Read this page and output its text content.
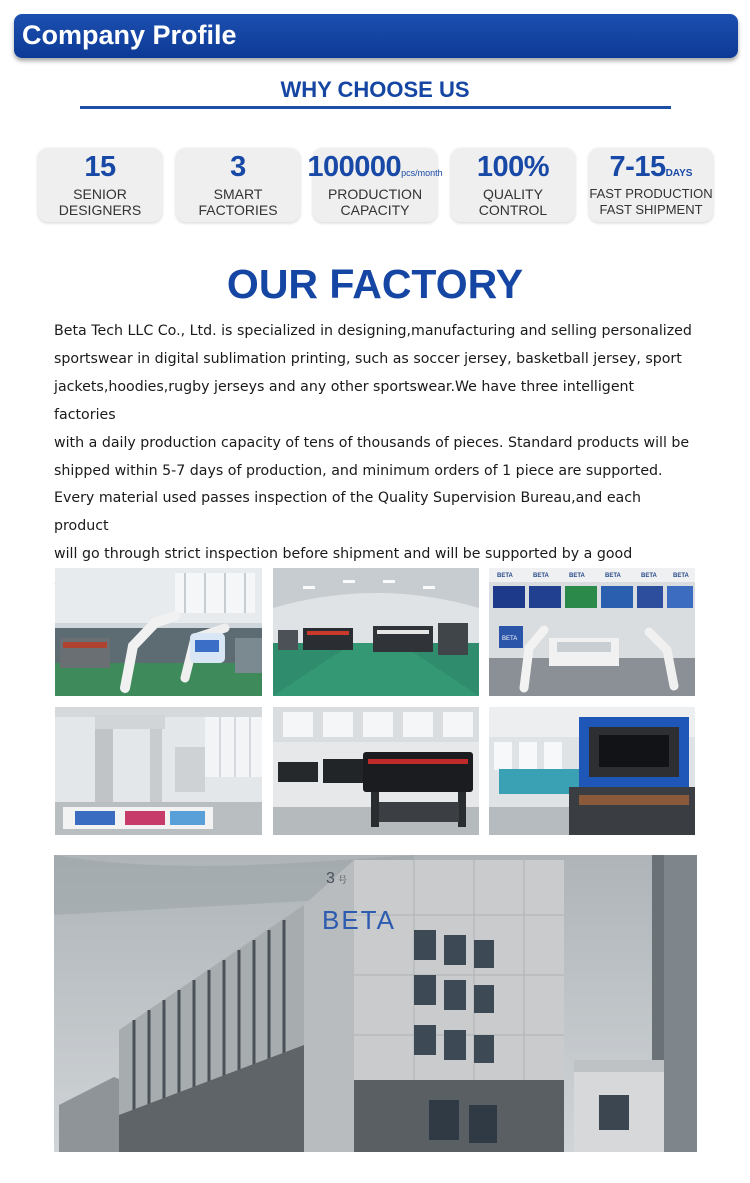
Company Profile
WHY CHOOSE US
15
SENIOR
DESIGNERS
3
SMART
FACTORIES
100000pcs/month
PRODUCTION
CAPACITY
100%
QUALITY
CONTROL
7-15DAYS
FAST PRODUCTION
FAST SHIPMENT
OUR FACTORY
Beta Tech LLC Co., Ltd. is specialized in designing,manufacturing and selling personalized
sportswear in digital sublimation printing, such as soccer jersey, basketball jersey, sport
jackets,hoodies,rugby jerseys and any other sportswear.We have three intelligent factories
with a daily production capacity of tens of thousands of pieces. Standard products will be
shipped within 5-7 days of production, and minimum orders of 1 piece are supported.
Every material used passes inspection of the Quality Supervision Bureau,and each product
will go through strict inspection before shipment and will be supported by a good
BETA	BETA	BETA	BETA	BETA	BETA
BETA
3 号
BETA
